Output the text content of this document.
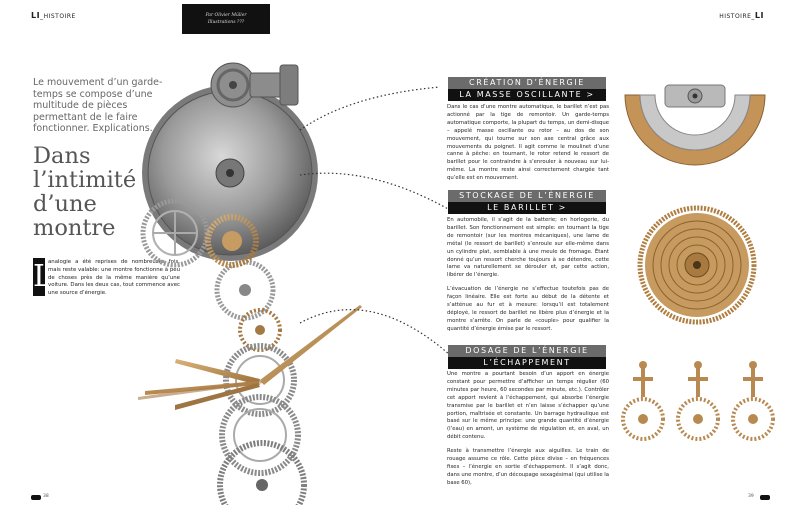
LI_HISTOIRE	Par Olivier Müller
Illustrations ???
HISTOIRE_LI
Le mouvement d’un garde-temps se compose d’une multitude de pièces permettant de le faire fonctionner. Explications.
Dans l’intimité d’une montre
L
analogie a été reprises de nombreuses fois, mais reste valable: une montre fonctionne à peu de choses près de la même manière qu’une voiture. Dans les deux cas, tout commence avec une source d’énergie.
CRÉATION D’ÉNERGIE
LA MASSE OSCILLANTE >

Dans le cas d’une montre automatique, le barillet n’est pas actionné par la tige de remontoir. Un garde-temps automatique comporte, la plupart du temps, un demi-disque – appelé masse oscillante ou rotor – au dos de son mouvement, qui tourne sur son axe central grâce aux mouvements du poignet. Il agit comme le moulinet d’une canne à pêche: en tournant, le rotor retend le ressort de barillet pour le contraindre à s’enrouler à nouveau sur lui-même. La montre reste ainsi correctement chargée tant qu’elle est en mouvement.

STOCKAGE DE L’ÉNERGIE
LE BARILLET >

En automobile, il s’agit de la batterie; en horlogerie, du barillet. Son fonctionnement est simple: en tournant la tige de remontoir (sur les montres mécaniques), une lame de métal (le ressort de barillet) s’enroule sur elle-même dans un cylindre plat, semblable à une meule de fromage. Étant donné qu’un ressort cherche toujours à se détendre, cette lame va naturellement se dérouler et, par cette action, libérer de l’énergie.

L’évacuation de l’énergie ne s’effectue toutefois pas de façon linéaire. Elle est forte au début de la détente et s’atténue au fur et à mesure: lorsqu’il est totalement déployé, le ressort de barillet ne libère plus d’énergie et la montre s’arrête. On parle de «couple» pour qualifier la quantité d’énergie émise par le ressort.

DOSAGE DE L’ÉNERGIE
L’ÉCHAPPEMENT

Une montre a pourtant besoin d’un apport en énergie constant pour permettre d’afficher un temps régulier (60 minutes par heure, 60 secondes par minute, etc.). Contrôler cet apport revient à l’échappement, qui absorbe l’énergie transmise par le barillet et n’en laisse s’échapper qu’une portion, maîtrisée et constante. Un barrage hydraulique est basé sur le même principe: une grande quantité d’énergie (l’eau) en amont, un système de régulation et, en aval, un débit contenu.

Reste à transmettre l’énergie aux aiguilles. Le train de rouage assume ce rôle. Cette pièce divise – en fréquences fixes – l’énergie en sortie d’échappement. Il s’agit donc, dans une montre, d’un découpage sexagésimal (qui utilise la base 60),

38	39
